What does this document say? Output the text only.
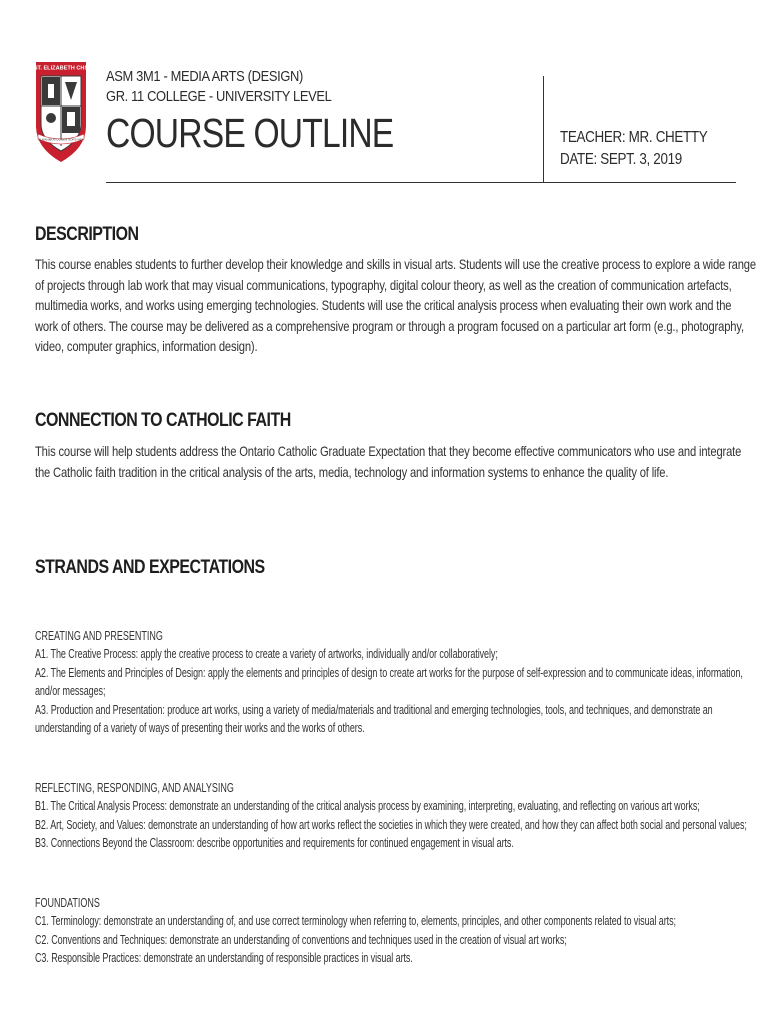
ST. ELIZABETH CHS
IN MANIBUS DOMINI SORS MEA
ASM 3M1 - MEDIA ARTS (DESIGN)
GR. 11 COLLEGE - UNIVERSITY LEVEL
COURSE OUTLINE	TEACHER: MR. CHETTY
DATE: SEPT. 3, 2019
DESCRIPTION
This course enables students to further develop their knowledge and skills in visual arts. Students will use the creative process to explore a wide range
of projects through lab work that may visual communications, typography, digital colour theory, as well as the creation of communication artefacts,
multimedia works, and works using emerging technologies. Students will use the critical analysis process when evaluating their own work and the
work of others. The course may be delivered as a comprehensive program or through a program focused on a particular art form (e.g., photography,
video, computer graphics, information design).
CONNECTION TO CATHOLIC FAITH
This course will help students address the Ontario Catholic Graduate Expectation that they become effective communicators who use and integrate
the Catholic faith tradition in the critical analysis of the arts, media, technology and information systems to enhance the quality of life.
STRANDS AND EXPECTATIONS
CREATING AND PRESENTING
A1. The Creative Process: apply the creative process to create a variety of artworks, individually and/or collaboratively;
A2. The Elements and Principles of Design: apply the elements and principles of design to create art works for the purpose of self-expression and to communicate ideas, information,
and/or messages;
A3. Production and Presentation: produce art works, using a variety of media/materials and traditional and emerging technologies, tools, and techniques, and demonstrate an
understanding of a variety of ways of presenting their works and the works of others.
REFLECTING, RESPONDING, AND ANALYSING
B1. The Critical Analysis Process: demonstrate an understanding of the critical analysis process by examining, interpreting, evaluating, and reflecting on various art works;
B2. Art, Society, and Values: demonstrate an understanding of how art works reflect the societies in which they were created, and how they can affect both social and personal values;
B3. Connections Beyond the Classroom: describe opportunities and requirements for continued engagement in visual arts.
FOUNDATIONS
C1. Terminology: demonstrate an understanding of, and use correct terminology when referring to, elements, principles, and other components related to visual arts;
C2. Conventions and Techniques: demonstrate an understanding of conventions and techniques used in the creation of visual art works;
C3. Responsible Practices: demonstrate an understanding of responsible practices in visual arts.
